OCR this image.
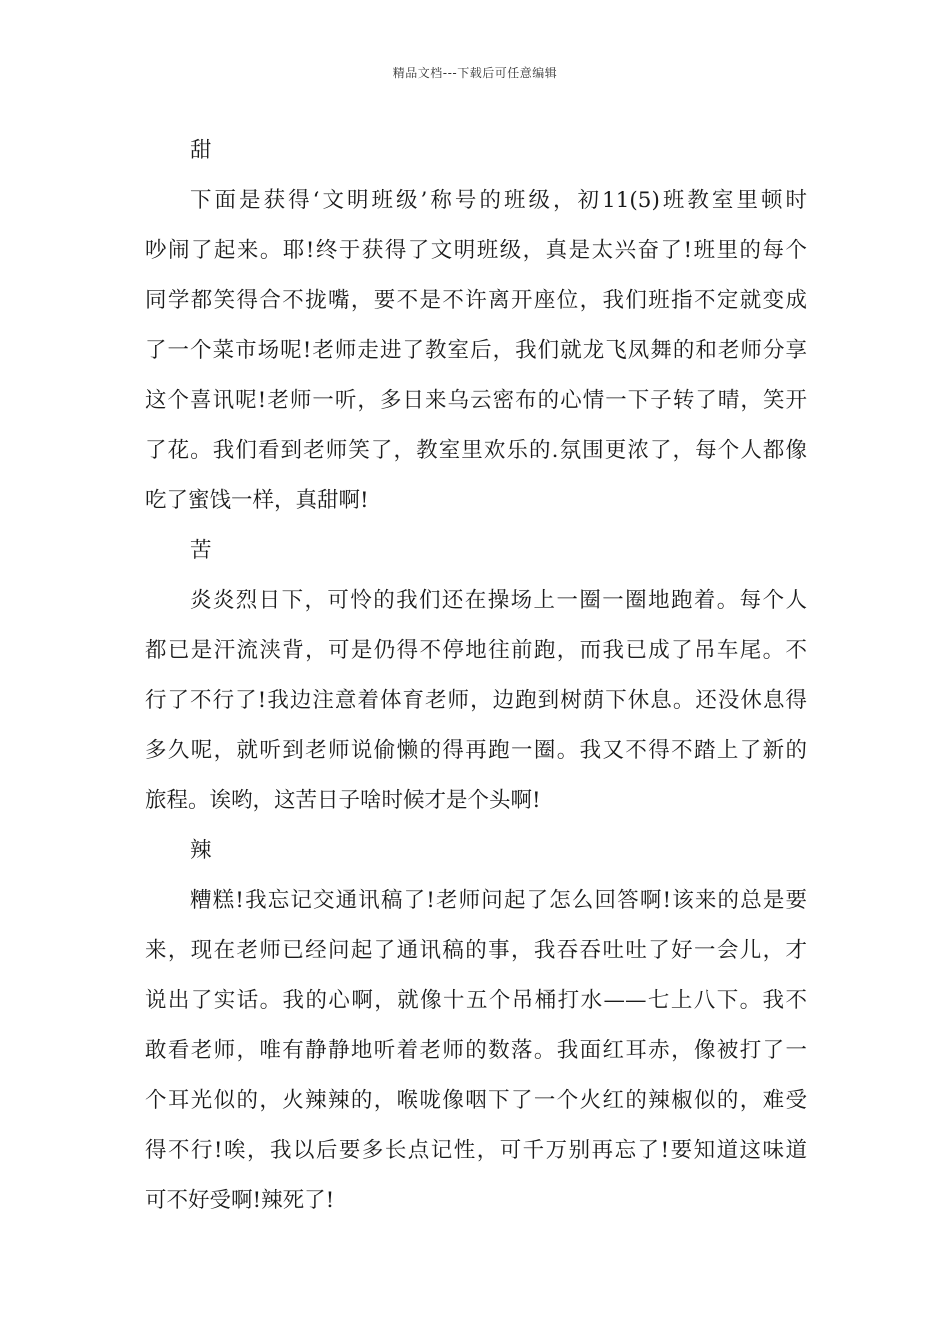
精品文档---下载后可任意编辑
甜
下面是获得‘文明班级’称号的班级，初11(5)班教室里顿时
吵闹了起来。耶!终于获得了文明班级，真是太兴奋了!班里的每个
同学都笑得合不拢嘴，要不是不许离开座位，我们班指不定就变成
了一个菜市场呢!老师走进了教室后，我们就龙飞凤舞的和老师分享
这个喜讯呢!老师一听，多日来乌云密布的心情一下子转了晴，笑开
了花。我们看到老师笑了，教室里欢乐的.氛围更浓了，每个人都像
吃了蜜饯一样，真甜啊!
苦
炎炎烈日下，可怜的我们还在操场上一圈一圈地跑着。每个人
都已是汗流浃背，可是仍得不停地往前跑，而我已成了吊车尾。不
行了不行了!我边注意着体育老师，边跑到树荫下休息。还没休息得
多久呢，就听到老师说偷懒的得再跑一圈。我又不得不踏上了新的
旅程。诶哟，这苦日子啥时候才是个头啊!
辣
糟糕!我忘记交通讯稿了!老师问起了怎么回答啊!该来的总是要
来，现在老师已经问起了通讯稿的事，我吞吞吐吐了好一会儿，才
说出了实话。我的心啊，就像十五个吊桶打水——七上八下。我不
敢看老师，唯有静静地听着老师的数落。我面红耳赤，像被打了一
个耳光似的，火辣辣的，喉咙像咽下了一个火红的辣椒似的，难受
得不行!唉，我以后要多长点记性，可千万别再忘了!要知道这味道
可不好受啊!辣死了!
